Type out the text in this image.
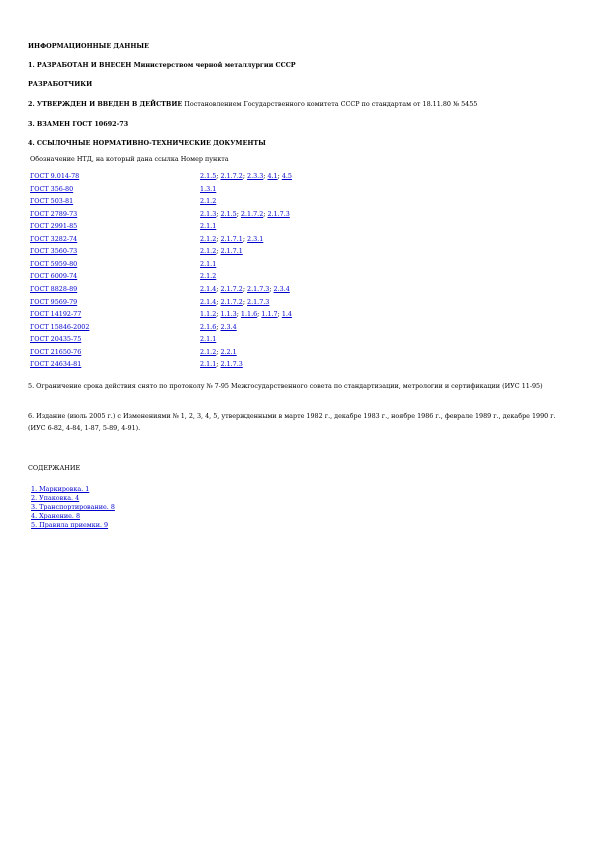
ИНФОРМАЦИОННЫЕ ДАННЫЕ
1. РАЗРАБОТАН И ВНЕСЕН Министерством черной металлургии СССР
РАЗРАБОТЧИКИ
2. УТВЕРЖДЕН И ВВЕДЕН В ДЕЙСТВИЕ Постановлением Государственного комитета СССР по стандартам от 18.11.80 № 5455
3. ВЗАМЕН ГОСТ 10692-73
4. ССЫЛОЧНЫЕ НОРМАТИВНО-ТЕХНИЧЕСКИЕ ДОКУМЕНТЫ
Обозначение НТД, на который дана ссылка Номер пункта
ГОСТ 9.014-78	2.1.5; 2.1.7.2; 2.3.3; 4.1; 4.5
ГОСТ 356-80	1.3.1
ГОСТ 503-81	2.1.2
ГОСТ 2789-73	2.1.3; 2.1.5; 2.1.7.2; 2.1.7.3
ГОСТ 2991-85	2.1.1
ГОСТ 3282-74	2.1.2; 2.1.7.1; 2.3.1
ГОСТ 3560-73	2.1.2; 2.1.7.1
ГОСТ 5959-80	2.1.1
ГОСТ 6009-74	2.1.2
ГОСТ 8828-89	2.1.4; 2.1.7.2; 2.1.7.3; 2.3.4
ГОСТ 9569-79	2.1.4; 2.1.7.2; 2.1.7.3
ГОСТ 14192-77	1.1.2; 1.1.3; 1.1.6; 1.1.7; 1.4
ГОСТ 15846-2002	2.1.6; 2.3.4
ГОСТ 20435-75	2.1.1
ГОСТ 21650-76	2.1.2; 2.2.1
ГОСТ 24634-81	2.1.1; 2.1.7.3
5. Ограничение срока действия снято по протоколу № 7-95 Межгосударственного совета по стандартизации, метрологии и сертификации (ИУС 11-95)
6. Издание (июль 2005 г.) с Изменениями № 1, 2, 3, 4, 5, утвержденными в марте 1982 г., декабре 1983 г., ноябре 1986 г., феврале 1989 г., декабре 1990 г. (ИУС 6-82, 4-84, 1-87, 5-89, 4-91).
СОДЕРЖАНИЕ
1. Маркировка. 1
2. Упаковка. 4
3. Транспортирование. 8
4. Хранение. 8
5. Правила приемки. 9
